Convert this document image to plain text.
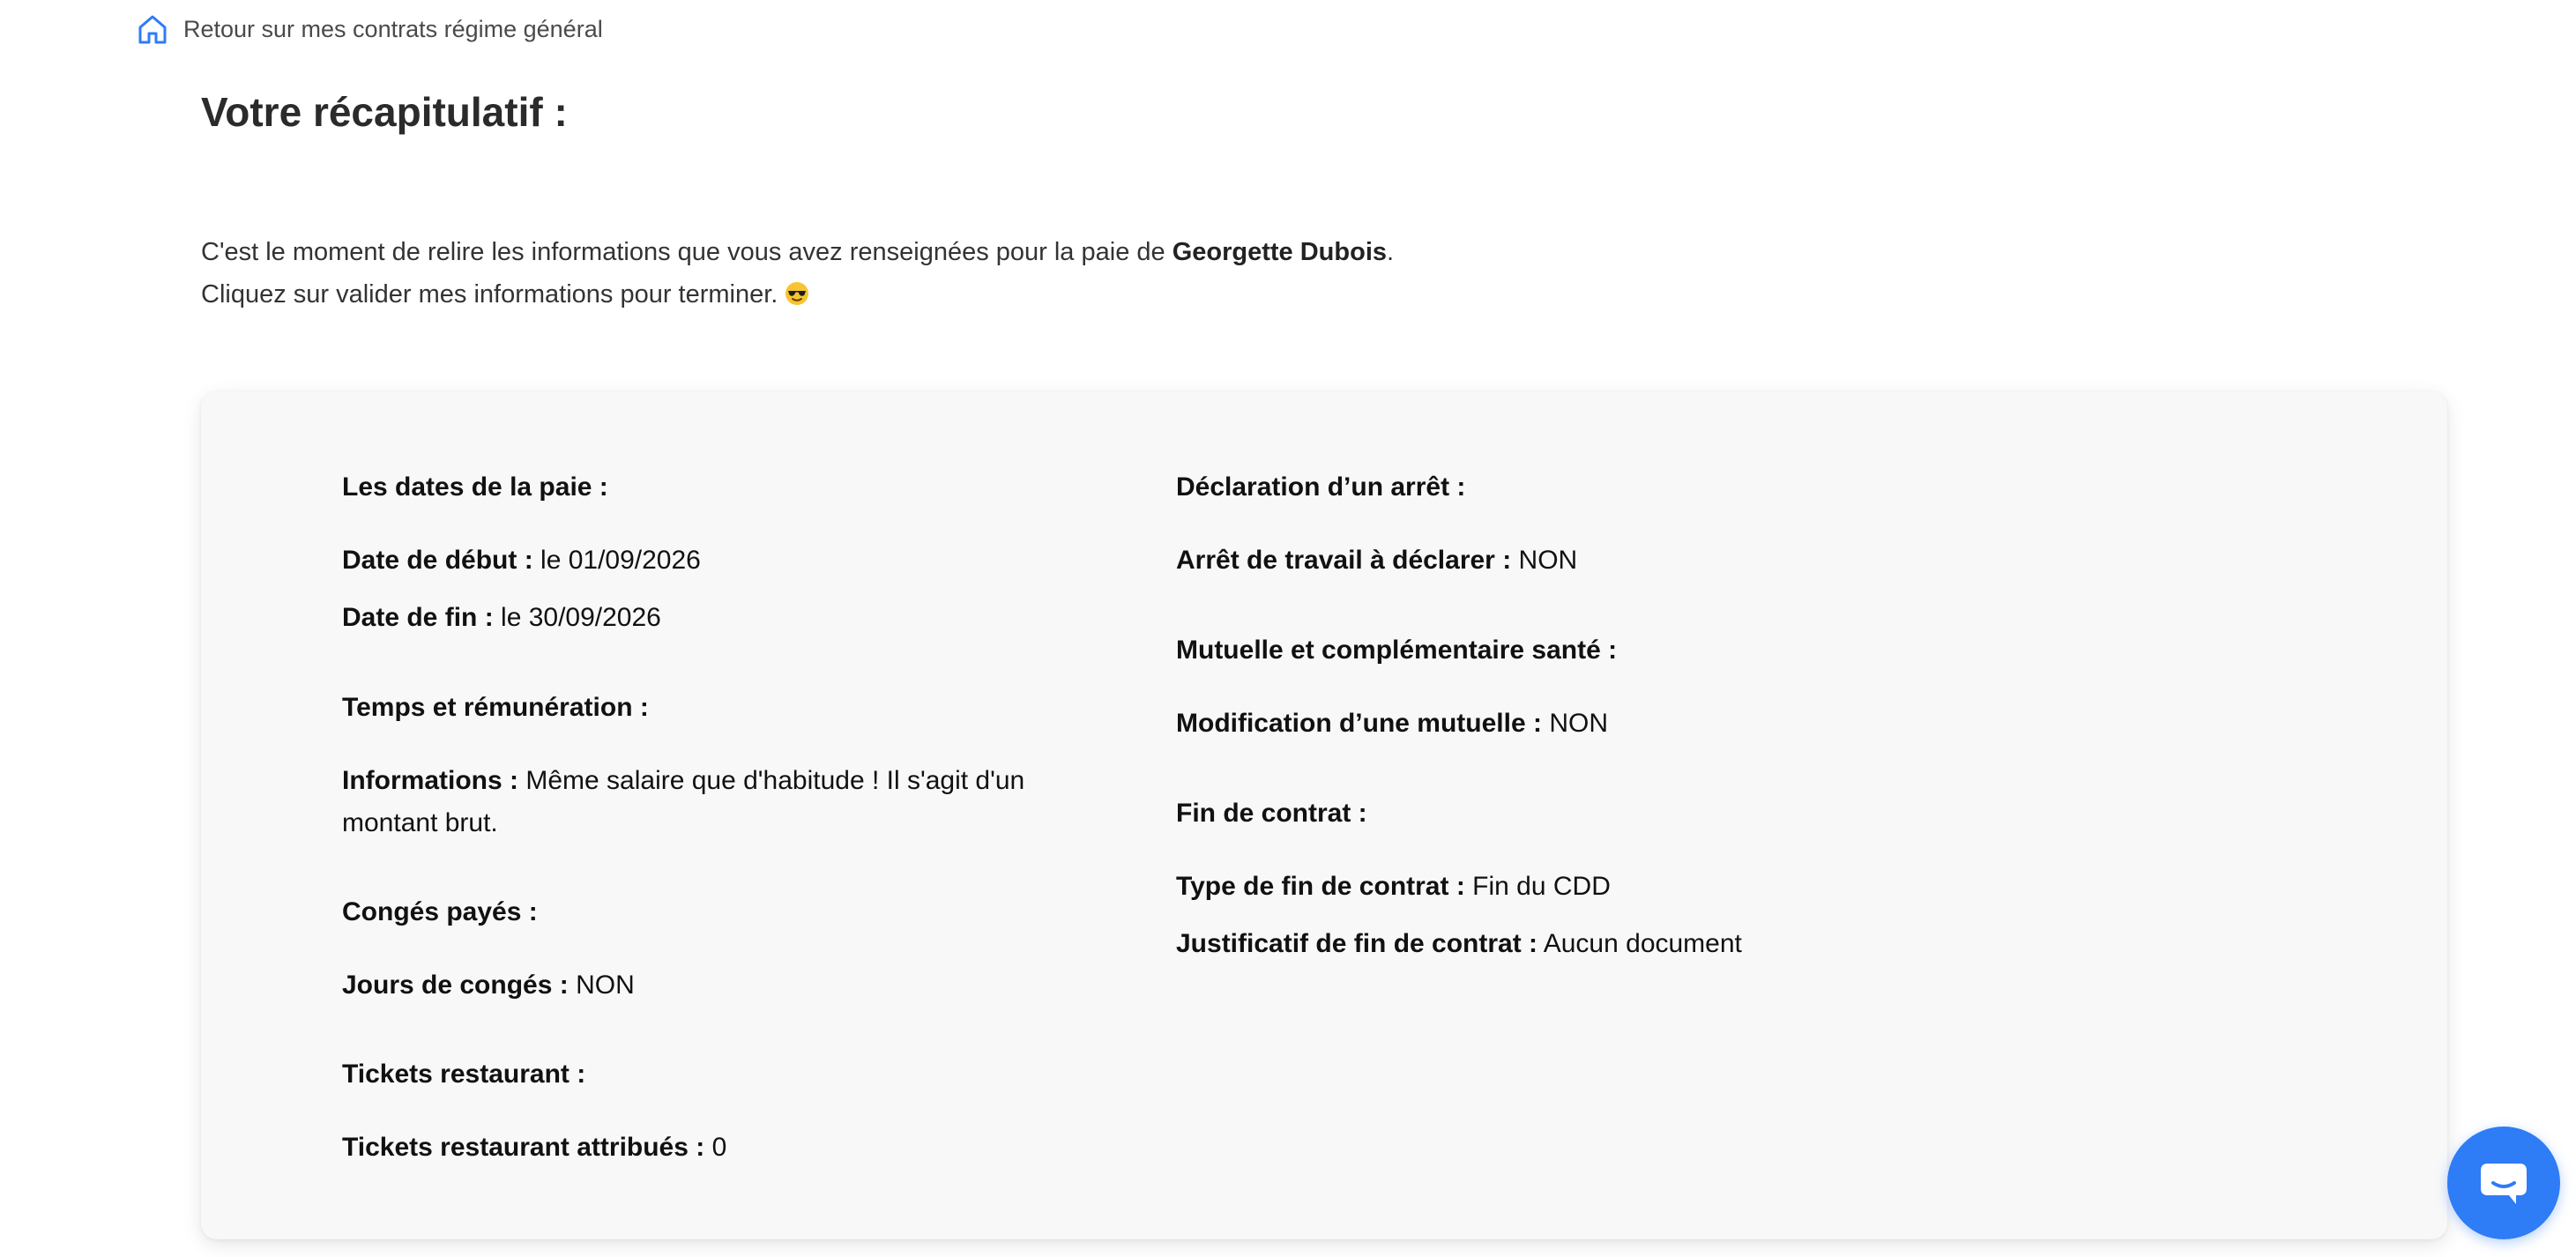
Retour sur mes contrats régime général
Votre récapitulatif :
C'est le moment de relire les informations que vous avez renseignées pour la paie de Georgette Dubois.
Cliquez sur valider mes informations pour terminer.
Les dates de la paie :
Date de début : le 01/09/2026
Date de fin : le 30/09/2026
Temps et rémunération :
Informations : Même salaire que d'habitude ! Il s'agit d'un montant brut.
Congés payés :
Jours de congés : NON
Tickets restaurant :
Tickets restaurant attribués : 0
Déclaration d’un arrêt :
Arrêt de travail à déclarer : NON
Mutuelle et complémentaire santé :
Modification d’une mutuelle : NON
Fin de contrat :
Type de fin de contrat : Fin du CDD
Justificatif de fin de contrat : Aucun document
